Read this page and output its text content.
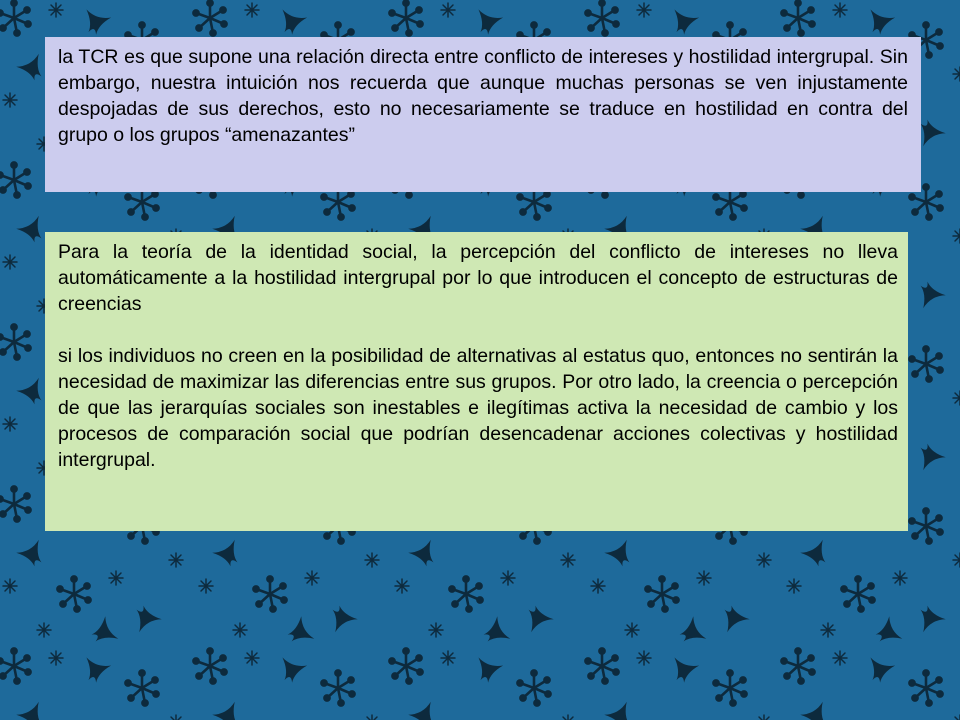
la TCR es que supone una relación directa entre conflicto de intereses y hostilidad intergrupal. Sin embargo, nuestra intuición nos recuerda que aunque muchas personas se ven injustamente despojadas de sus derechos, esto no necesariamente se traduce en hostilidad en contra del grupo o los grupos “amenazantes”

Para la teoría de la identidad social, la percepción del conflicto de intereses no lleva automáticamente a la hostilidad intergrupal por lo que introducen el concepto de estructuras de creencias

si los individuos no creen en la posibilidad de alternativas al estatus quo, entonces no sentirán la necesidad de maximizar las diferencias entre sus grupos. Por otro lado, la creencia o percepción de que las jerarquías sociales son inestables e ilegítimas activa la necesidad de cambio y los procesos de comparación social que podrían desencadenar acciones colectivas y hostilidad intergrupal.
